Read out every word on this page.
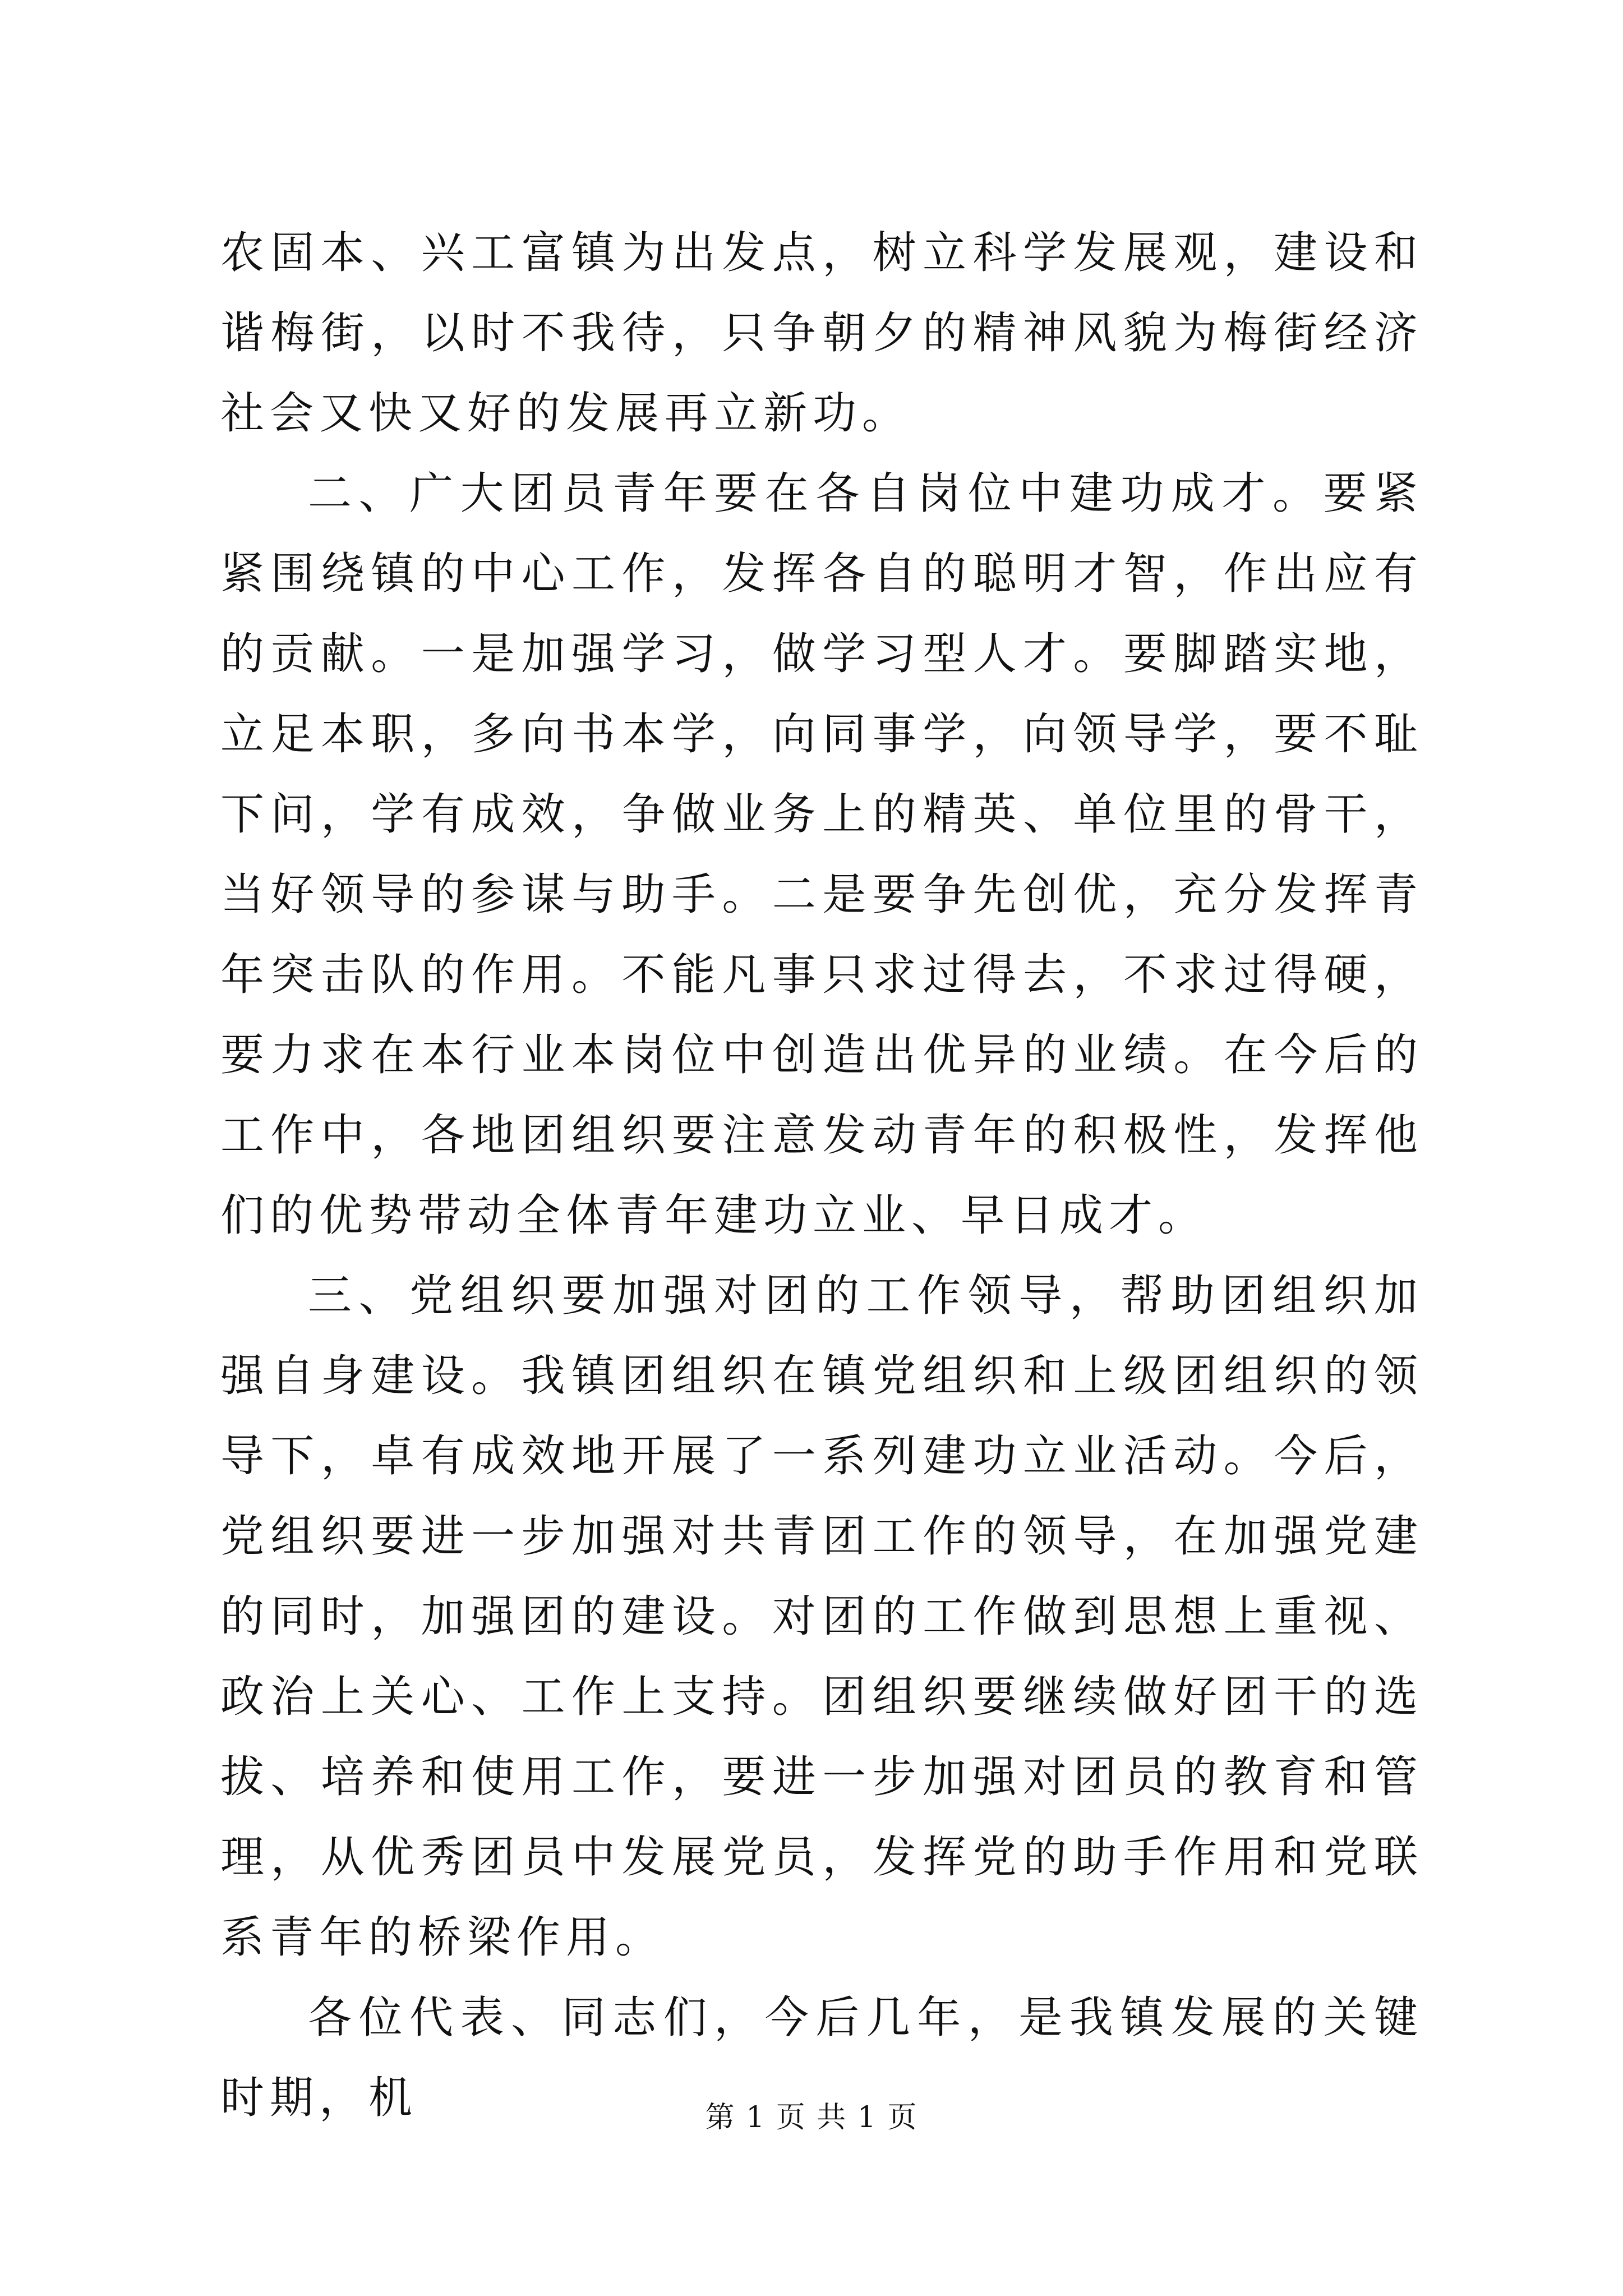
农固本、兴工富镇为出发点，树立科学发展观，建设和谐梅街，以时不我待，只争朝夕的精神风貌为梅街经济社会又快又好的发展再立新功。

二、广大团员青年要在各自岗位中建功成才。要紧紧围绕镇的中心工作，发挥各自的聪明才智，作出应有的贡献。一是加强学习，做学习型人才。要脚踏实地，立足本职，多向书本学，向同事学，向领导学，要不耻下问，学有成效，争做业务上的精英、单位里的骨干，当好领导的参谋与助手。二是要争先创优，充分发挥青年突击队的作用。不能凡事只求过得去，不求过得硬，要力求在本行业本岗位中创造出优异的业绩。在今后的工作中，各地团组织要注意发动青年的积极性，发挥他们的优势带动全体青年建功立业、早日成才。

三、党组织要加强对团的工作领导，帮助团组织加强自身建设。我镇团组织在镇党组织和上级团组织的领导下，卓有成效地开展了一系列建功立业活动。今后，党组织要进一步加强对共青团工作的领导，在加强党建的同时，加强团的建设。对团的工作做到思想上重视、政治上关心、工作上支持。团组织要继续做好团干的选拔、培养和使用工作，要进一步加强对团员的教育和管理，从优秀团员中发展党员，发挥党的助手作用和党联系青年的桥梁作用。

各位代表、同志们，今后几年，是我镇发展的关键时期，机	第 1 页 共 1 页
